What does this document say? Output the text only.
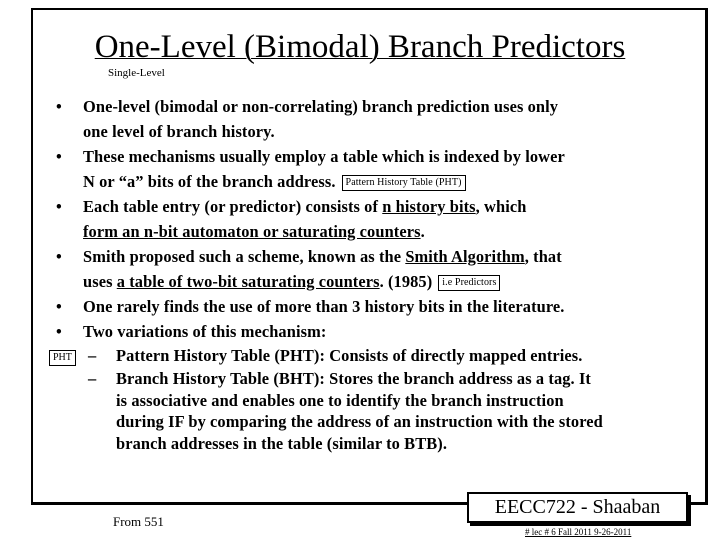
One-Level (Bimodal) Branch Predictors
Single-Level
• One-level (bimodal or non-correlating) branch prediction uses only
one level of branch history.
• These mechanisms usually employ a table which is indexed by lower
N or “a” bits of the branch address. Pattern History Table (PHT)
• Each table entry (or predictor) consists of n history bits, which
form an n-bit automaton or saturating counters.
• Smith proposed such a scheme, known as the Smith Algorithm, that
uses a table of two-bit saturating counters. (1985) i.e Predictors
• One rarely finds the use of more than 3 history bits in the literature.
• Two variations of this mechanism:
– Pattern History Table (PHT): Consists of directly mapped entries.
– Branch History Table (BHT): Stores the branch address as a tag. It
is associative and enables one to identify the branch instruction
during IF by comparing the address of an instruction with the stored
branch addresses in the table (similar to BTB).
PHT
From 551
EECC722 - Shaaban
# lec # 6 Fall 2011 9-26-2011
